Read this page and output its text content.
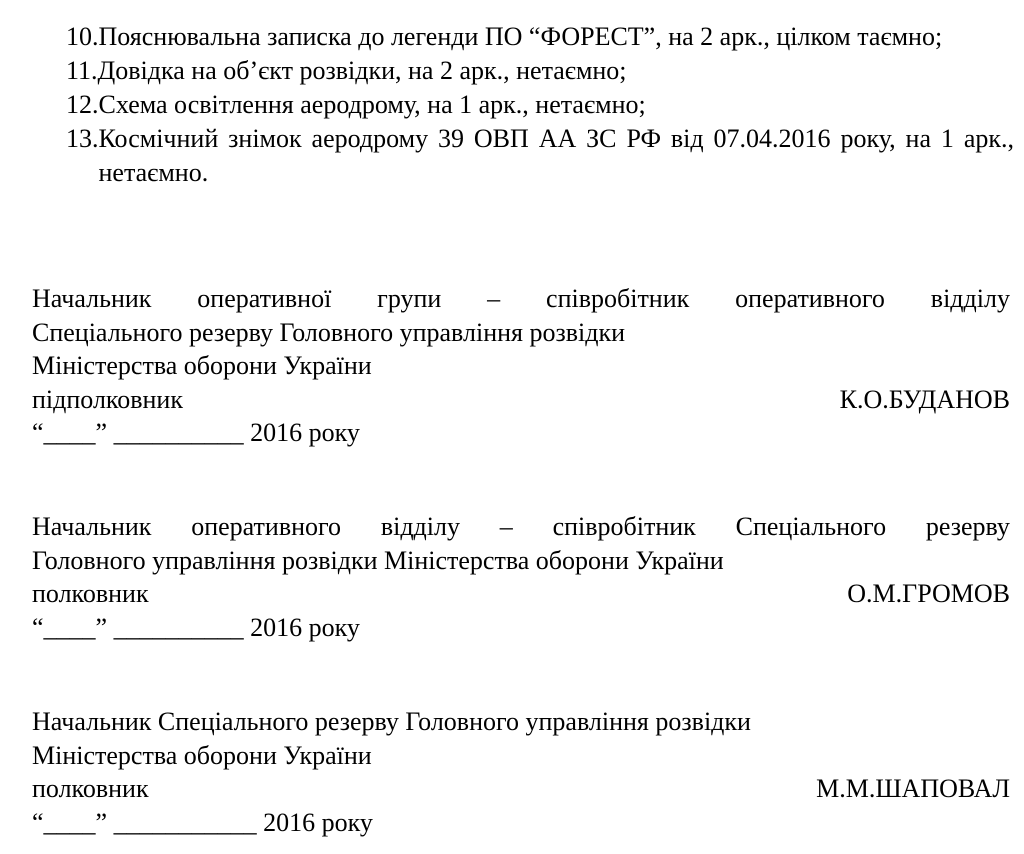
10. Пояснювальна записка до легенди ПО “ФОРЕСТ”, на 2 арк., цілком таємно;
11. Довідка на об’єкт розвідки, на 2 арк., нетаємно;
12. Схема освітлення аеродрому, на 1 арк., нетаємно;
13. Космічний знімок аеродрому 39 ОВП АА ЗС РФ від 07.04.2016 року, на 1 арк., нетаємно.
Начальник оперативної групи – співробітник оперативного відділу
Спеціального резерву Головного управління розвідки
Міністерства оборони України
підполковник	К.О.БУДАНОВ
“____” __________ 2016 року
Начальник оперативного відділу – співробітник Спеціального резерву
Головного управління розвідки Міністерства оборони України
полковник	О.М.ГРОМОВ
“____” __________ 2016 року
Начальник Спеціального резерву Головного управління розвідки
Міністерства оборони України
полковник	М.М.ШАПОВАЛ
“____” ___________ 2016 року
